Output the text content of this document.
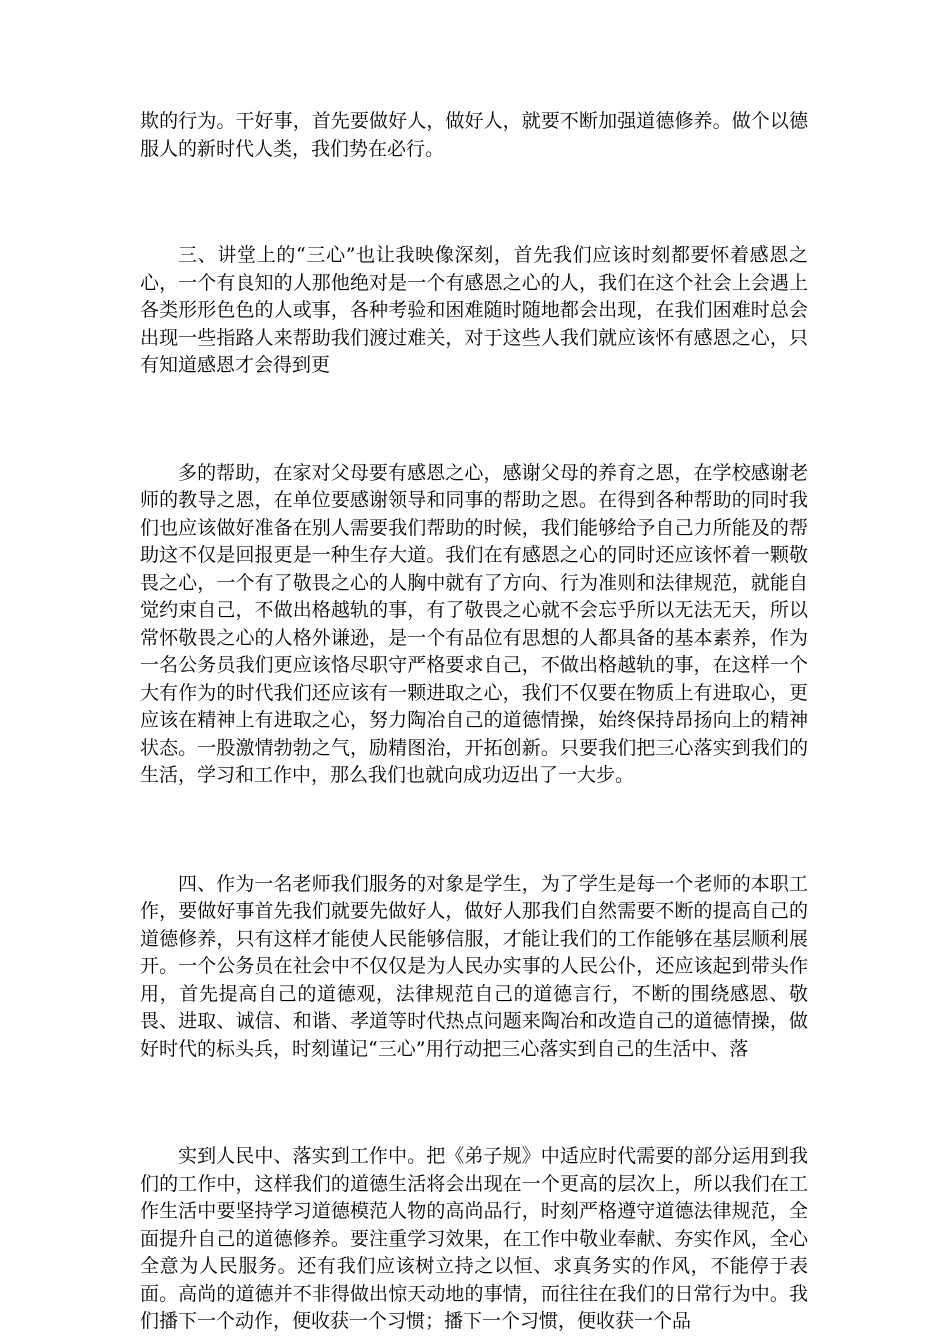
欺的行为。干好事，首先要做好人，做好人，就要不断加强道德修养。做个以德服人的新时代人类，我们势在必行。

三、讲堂上的“三心”也让我映像深刻，首先我们应该时刻都要怀着感恩之心，一个有良知的人那他绝对是一个有感恩之心的人，我们在这个社会上会遇上各类形形色色的人或事，各种考验和困难随时随地都会出现，在我们困难时总会出现一些指路人来帮助我们渡过难关，对于这些人我们就应该怀有感恩之心，只有知道感恩才会得到更

多的帮助，在家对父母要有感恩之心，感谢父母的养育之恩，在学校感谢老师的教导之恩，在单位要感谢领导和同事的帮助之恩。在得到各种帮助的同时我们也应该做好准备在别人需要我们帮助的时候，我们能够给予自己力所能及的帮助这不仅是回报更是一种生存大道。我们在有感恩之心的同时还应该怀着一颗敬畏之心，一个有了敬畏之心的人胸中就有了方向、行为准则和法律规范，就能自觉约束自己，不做出格越轨的事，有了敬畏之心就不会忘乎所以无法无天，所以常怀敬畏之心的人格外谦逊，是一个有品位有思想的人都具备的基本素养，作为一名公务员我们更应该恪尽职守严格要求自己，不做出格越轨的事，在这样一个大有作为的时代我们还应该有一颗进取之心，我们不仅要在物质上有进取心，更应该在精神上有进取之心，努力陶冶自己的道德情操，始终保持昂扬向上的精神状态。一股激情勃勃之气，励精图治，开拓创新。只要我们把三心落实到我们的生活，学习和工作中，那么我们也就向成功迈出了一大步。

四、作为一名老师我们服务的对象是学生，为了学生是每一个老师的本职工作，要做好事首先我们就要先做好人，做好人那我们自然需要不断的提高自己的道德修养，只有这样才能使人民能够信服，才能让我们的工作能够在基层顺利展开。一个公务员在社会中不仅仅是为人民办实事的人民公仆，还应该起到带头作用，首先提高自己的道德观，法律规范自己的道德言行，不断的围绕感恩、敬畏、进取、诚信、和谐、孝道等时代热点问题来陶冶和改造自己的道德情操，做好时代的标头兵，时刻谨记“三心”用行动把三心落实到自己的生活中、落

实到人民中、落实到工作中。把《弟子规》中适应时代需要的部分运用到我们的工作中，这样我们的道德生活将会出现在一个更高的层次上，所以我们在工作生活中要坚持学习道德模范人物的高尚品行，时刻严格遵守道德法律规范，全面提升自己的道德修养。要注重学习效果，在工作中敬业奉献、夯实作风，全心全意为人民服务。还有我们应该树立持之以恒、求真务实的作风，不能停于表面。高尚的道德并不非得做出惊天动地的事情，而往往在我们的日常行为中。我们播下一个动作，便收获一个习惯；播下一个习惯，便收获一个品
